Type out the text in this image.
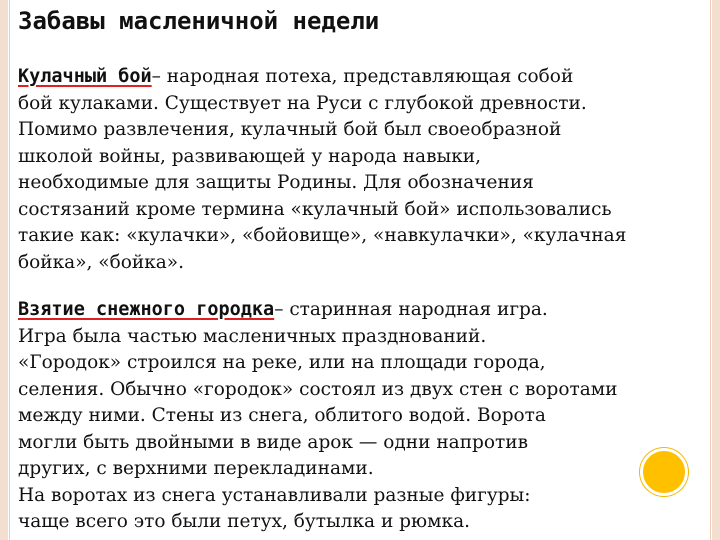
Забавы масленичной недели
Кулачный бой– народная потеха, представляющая собой
бой кулаками. Существует на Руси с глубокой древности.
Помимо развлечения, кулачный бой был своеобразной
школой войны, развивающей у народа навыки,
необходимые для защиты Родины. Для обозначения
состязаний кроме термина «кулачный бой» использовались
такие как: «кулачки», «бойовище», «навкулачки», «кулачная
бойка», «бойка».
Взятие снежного городка– старинная народная игра.
Игра была частью масленичных празднований.
«Городок» строился на реке, или на площади города,
селения. Обычно «городок» состоял из двух стен с воротами
между ними. Стены из снега, облитого водой. Ворота
могли быть двойными в виде арок — одни напротив
других, с верхними перекладинами.
На воротах из снега устанавливали разные фигуры:
чаще всего это были петух, бутылка и рюмка.
